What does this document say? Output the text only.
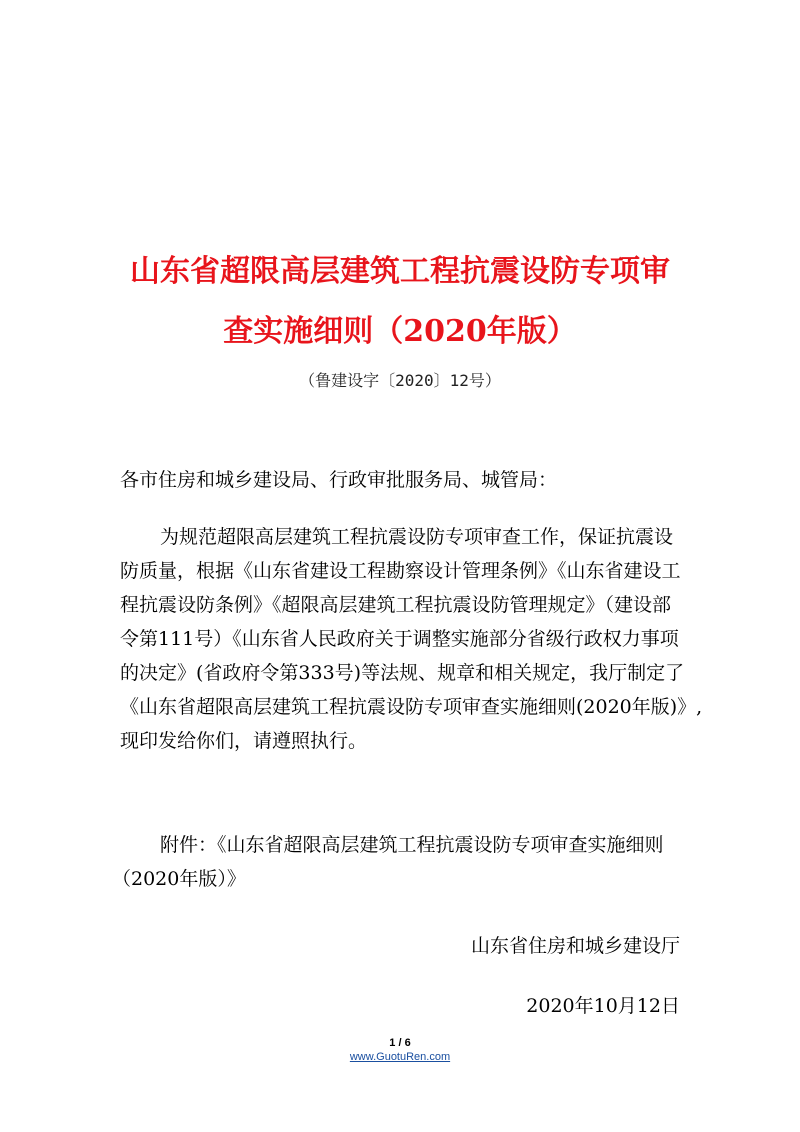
山东省超限高层建筑工程抗震设防专项审
查实施细则（2020年版）
（鲁建设字〔2020〕12号）
各市住房和城乡建设局、行政审批服务局、城管局：
为规范超限高层建筑工程抗震设防专项审查工作，保证抗震设
防质量，根据《山东省建设工程勘察设计管理条例》《山东省建设工
程抗震设防条例》《超限高层建筑工程抗震设防管理规定》（建设部
令第111号）《山东省人民政府关于调整实施部分省级行政权力事项
的决定》(省政府令第333号)等法规、规章和相关规定，我厅制定了
《山东省超限高层建筑工程抗震设防专项审查实施细则(2020年版)》,
现印发给你们，请遵照执行。
附件：《山东省超限高层建筑工程抗震设防专项审查实施细则
（2020年版）》
山东省住房和城乡建设厅
2020年10月12日
1 / 6
www.GuotuRen.com
